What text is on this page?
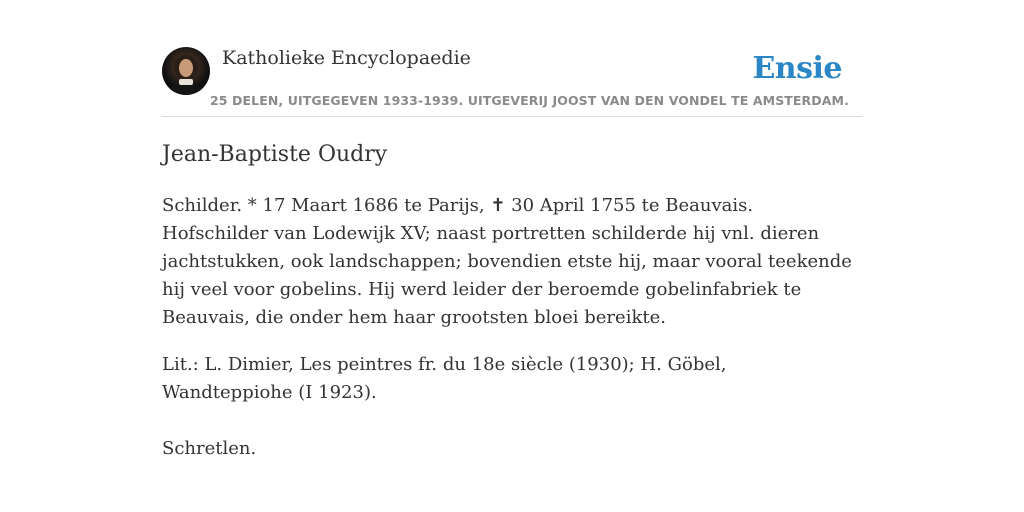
Katholieke Encyclopaedie	Ensie
25 DELEN, UITGEGEVEN 1933-1939. UITGEVERIJ JOOST VAN DEN VONDEL TE AMSTERDAM.
Jean-Baptiste Oudry

Schilder. * 17 Maart 1686 te Parijs, ✝ 30 April 1755 te Beauvais. Hofschilder van Lodewijk XV; naast portretten schilderde hij vnl. dieren jachtstukken, ook landschappen; bovendien etste hij, maar vooral teekende hij veel voor gobelins. Hij werd leider der beroemde gobelinfabriek te Beauvais, die onder hem haar grootsten bloei bereikte.

Lit.: L. Dimier, Les peintres fr. du 18e siècle (1930); H. Göbel, Wandteppiohe (I 1923).

Schretlen.
